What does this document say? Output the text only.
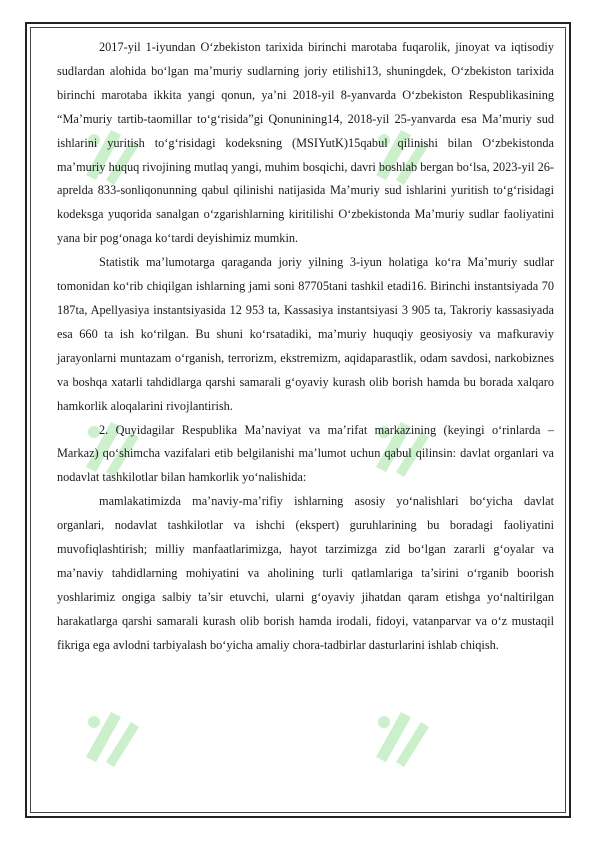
2017-yil 1-iyundan O‘zbekiston tarixida birinchi marotaba fuqarolik, jinoyat va iqtisodiy sudlardan alohida bo‘lgan ma’muriy sudlarning joriy etilishi13, shuningdek, O‘zbekiston tarixida birinchi marotaba ikkita yangi qonun, ya’ni 2018-yil 8-yanvarda O‘zbekiston Respublikasining “Ma’muriy tartib-taomillar to‘g‘risida”gi Qonunining14, 2018-yil 25-yanvarda esa Ma’muriy sud ishlarini yuritish to‘g‘risidagi kodeksning (MSIYutK)15qabul qilinishi bilan O‘zbekistonda ma’muriy huquq rivojining mutlaq yangi, muhim bosqichi, davri boshlab bergan bo‘lsa, 2023-yil 26-aprelda 833-sonliqonunning qabul qilinishi natijasida Ma’muriy sud ishlarini yuritish to‘g‘risidagi kodeksga yuqorida sanalgan o‘zgarishlarning kiritilishi O‘zbekistonda Ma’muriy sudlar faoliyatini yana bir pog‘onaga ko‘tardi deyishimiz mumkin.

Statistik ma’lumotarga qaraganda joriy yilning 3-iyun holatiga ko‘ra Ma’muriy sudlar tomonidan ko‘rib chiqilgan ishlarning jami soni 87705tani tashkil etadi16. Birinchi instantsiyada 70 187ta, Apellyasiya instantsiyasida 12 953 ta, Kassasiya instantsiyasi 3 905 ta, Takroriy kassasiyada esa 660 ta ish ko‘rilgan. Bu shuni ko‘rsatadiki, ma’muriy huquqiy geosiyosiy va mafkuraviy jarayonlarni muntazam o‘rganish, terrorizm, ekstremizm, aqidaparastlik, odam savdosi, narkobiznes va boshqa xatarli tahdidlarga qarshi samarali g‘oyaviy kurash olib borish hamda bu borada xalqaro hamkorlik aloqalarini rivojlantirish.

2. Quyidagilar Respublika Ma’naviyat va ma’rifat markazining (keyingi o‘rinlarda – Markaz) qo‘shimcha vazifalari etib belgilanishi ma’lumot uchun qabul qilinsin: davlat organlari va nodavlat tashkilotlar bilan hamkorlik yo‘nalishida:

mamlakatimizda ma’naviy-ma’rifiy ishlarning asosiy yo‘nalishlari bo‘yicha davlat organlari, nodavlat tashkilotlar va ishchi (ekspert) guruhlarining bu boradagi faoliyatini muvofiqlashtirish; milliy manfaatlarimizga, hayot tarzimizga zid bo‘lgan zararli g‘oyalar va ma’naviy tahdidlarning mohiyatini va aholining turli qatlamlariga ta’sirini o‘rganib boorish yoshlarimiz ongiga salbiy ta’sir etuvchi, ularni g‘oyaviy jihatdan qaram etishga yo‘naltirilgan harakatlarga qarshi samarali kurash olib borish hamda irodali, fidoyi, vatanparvar va o‘z mustaqil fikriga ega avlodni tarbiyalash bo‘yicha amaliy chora-tadbirlar dasturlarini ishlab chiqish.
